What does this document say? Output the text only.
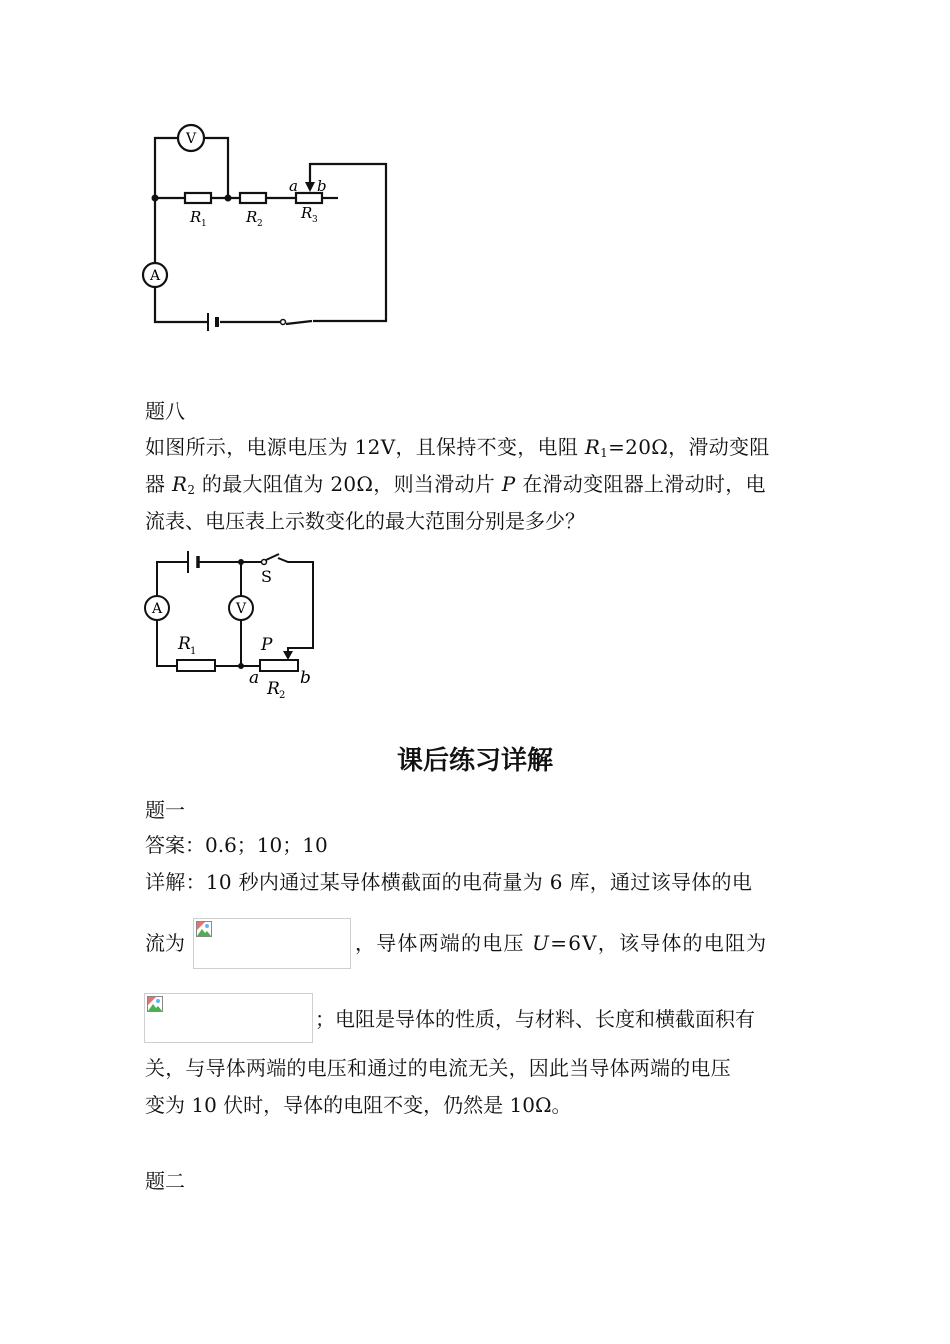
V
A
R 1	R 2
R 3
a b
题八
如图所示，电源电压为 12V，且保持不变，电阻 $R_1=20\Omega$，滑动变阻
器 $R_2$ 的最大阻值为 20Ω，则当滑动片 P 在滑动变阻器上滑动时，电
流表、电压表上示数变化的最大范围分别是多少？
A	V
S
R 1	P
a b
R 2
课后练习详解
题一
答案：0.6；10；10
详解：10 秒内通过某导体横截面的电荷量为 6 库，通过该导体的电
流为	，导体两端的电压 U=6V，该导体的电阻为
；电阻是导体的性质，与材料、长度和横截面积有
关，与导体两端的电压和通过的电流无关，因此当导体两端的电压
变为 10 伏时，导体的电阻不变，仍然是 10Ω。
题二
